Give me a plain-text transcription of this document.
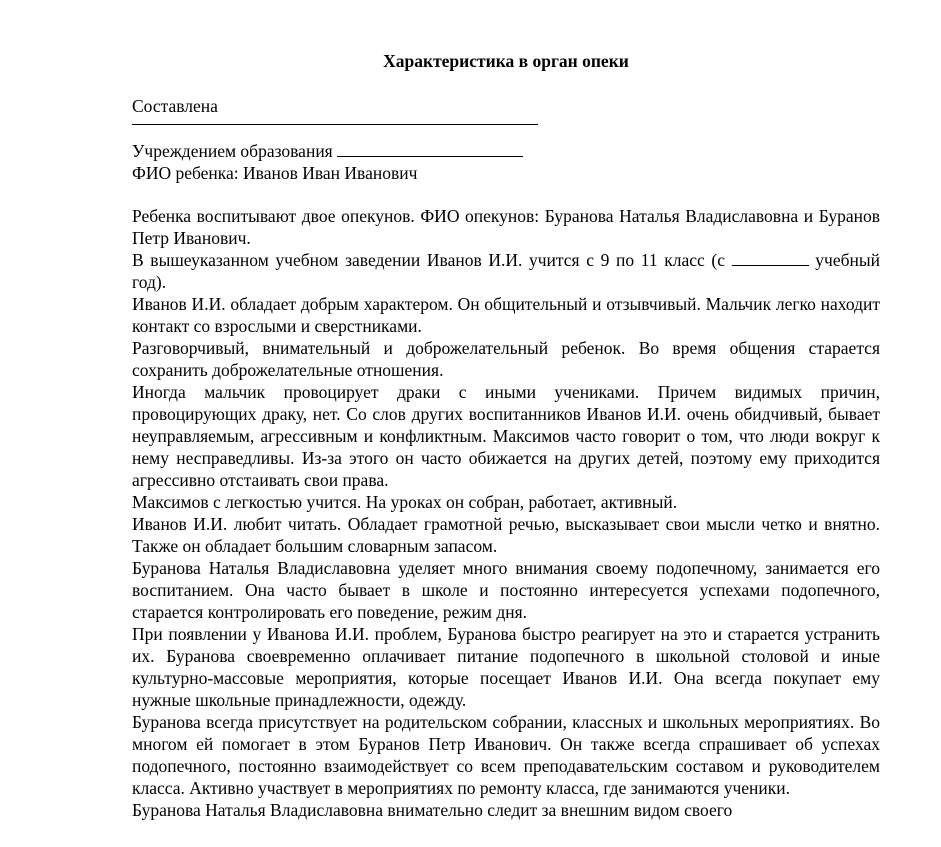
Характеристика в орган опеки
Составлена
Учреждением образования
ФИО ребенка: Иванов Иван Иванович

Ребенка воспитывают двое опекунов. ФИО опекунов: Буранова Наталья Владиславовна и Буранов Петр Иванович.

В вышеуказанном учебном заведении Иванов И.И. учится с 9 по 11 класс (с	учебный год).

Иванов И.И. обладает добрым характером. Он общительный и отзывчивый. Мальчик легко находит контакт со взрослыми и сверстниками.

Разговорчивый, внимательный и доброжелательный ребенок. Во время общения старается сохранить доброжелательные отношения.

Иногда мальчик провоцирует драки с иными учениками. Причем видимых причин, провоцирующих драку, нет. Со слов других воспитанников Иванов И.И. очень обидчивый, бывает неуправляемым, агрессивным и конфликтным. Максимов часто говорит о том, что люди вокруг к нему несправедливы. Из-за этого он часто обижается на других детей, поэтому ему приходится агрессивно отстаивать свои права.

Максимов с легкостью учится. На уроках он собран, работает, активный.

Иванов И.И. любит читать. Обладает грамотной речью, высказывает свои мысли четко и внятно. Также он обладает большим словарным запасом.

Буранова Наталья Владиславовна уделяет много внимания своему подопечному, занимается его воспитанием. Она часто бывает в школе и постоянно интересуется успехами подопечного, старается контролировать его поведение, режим дня.

При появлении у Иванова И.И. проблем, Буранова быстро реагирует на это и старается устранить их. Буранова своевременно оплачивает питание подопечного в школьной столовой и иные культурно-массовые мероприятия, которые посещает Иванов И.И. Она всегда покупает ему нужные школьные принадлежности, одежду.

Буранова всегда присутствует на родительском собрании, классных и школьных мероприятиях. Во многом ей помогает в этом Буранов Петр Иванович. Он также всегда спрашивает об успехах подопечного, постоянно взаимодействует со всем преподавательским составом и руководителем класса. Активно участвует в мероприятиях по ремонту класса, где занимаются ученики.

Буранова Наталья Владиславовна внимательно следит за внешним видом своего
